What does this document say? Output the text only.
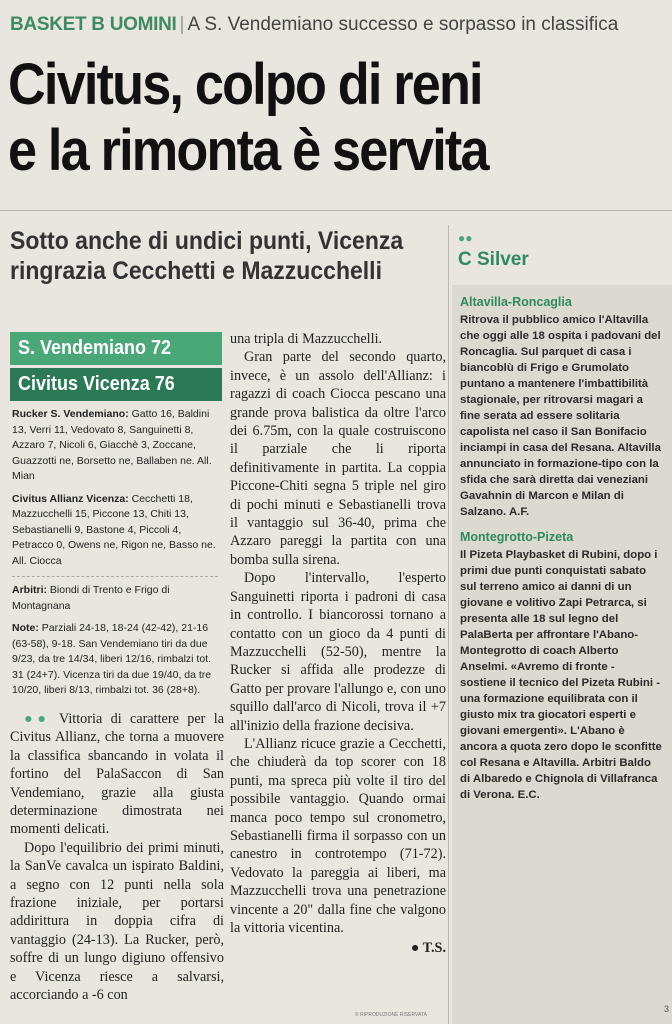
BASKET B UOMINI | A S. Vendemiano successo e sorpasso in classifica
Civitus, colpo di reni
e la rimonta è servita
Sotto anche di undici punti, Vicenza
ringrazia Cecchetti e Mazzucchelli
S. Vendemiano 72
Civitus Vicenza 76

Rucker S. Vendemiano: Gatto 16, Baldini 13, Verri 11, Vedovato 8, Sanguinetti 8, Azzaro 7, Nicoli 6, Giacchè 3, Zoccane, Guazzotti ne, Borsetto ne, Ballaben ne. All. Mian

Civitus Allianz Vicenza: Cecchetti 18, Mazzucchelli 15, Piccone 13, Chiti 13, Sebastianelli 9, Bastone 4, Piccoli 4, Petracco 0, Owens ne, Rigon ne, Basso ne. All. Ciocca

Arbitri: Biondi di Trento e Frigo di Montagnana

Note: Parziali 24-18, 18-24 (42-42), 21-16 (63-58), 9-18. San Vendemiano tiri da due 9/23, da tre 14/34, liberi 12/16, rimbalzi tot. 31 (24+7). Vicenza tiri da due 19/40, da tre 10/20, liberi 8/13, rimbalzi tot. 36 (28+8).

●● Vittoria di carattere per la Civitus Allianz, che torna a muovere la classifica sbancando in volata il fortino del PalaSaccon di San Vendemiano, grazie alla giusta determinazione dimostrata nei momenti delicati.

Dopo l'equilibrio dei primi minuti, la SanVe cavalca un ispirato Baldini, a segno con 12 punti nella sola frazione iniziale, per portarsi addirittura in doppia cifra di vantaggio (24-13). La Rucker, però, soffre di un lungo digiuno offensivo e Vicenza riesce a salvarsi, accorciando a -6 con

una tripla di Mazzucchelli.

Gran parte del secondo quarto, invece, è un assolo dell'Allianz: i ragazzi di coach Ciocca pescano una grande prova balistica da oltre l'arco dei 6.75m, con la quale costruiscono il parziale che li riporta definitivamente in partita. La coppia Piccone-Chiti segna 5 triple nel giro di pochi minuti e Sebastianelli trova il vantaggio sul 36-40, prima che Azzaro pareggi la partita con una bomba sulla sirena.

Dopo l'intervallo, l'esperto Sanguinetti riporta i padroni di casa in controllo. I biancorossi tornano a contatto con un gioco da 4 punti di Mazzucchelli (52-50), mentre la Rucker si affida alle prodezze di Gatto per provare l'allungo e, con uno squillo dall'arco di Nicoli, trova il +7 all'inizio della frazione decisiva.

L'Allianz ricuce grazie a Cecchetti, che chiuderà da top scorer con 18 punti, ma spreca più volte il tiro del possibile vantaggio. Quando ormai manca poco tempo sul cronometro, Sebastianelli firma il sorpasso con un canestro in controtempo (71-72). Vedovato la pareggia ai liberi, ma Mazzucchelli trova una penetrazione vincente a 20" dalla fine che valgono la vittoria vicentina.

● T.S.
●●
C Silver
Altavilla-Roncaglia
Ritrova il pubblico amico l'Altavilla che oggi alle 18 ospita i padovani del Roncaglia. Sul parquet di casa i biancoblù di Frigo e Grumolato puntano a mantenere l'imbattibilità stagionale, per ritrovarsi magari a fine serata ad essere solitaria capolista nel caso il San Bonifacio inciampi in casa del Resana. Altavilla annunciato in formazione-tipo con la sfida che sarà diretta dai veneziani Gavahnin di Marcon e Milan di Salzano. A.F.
Montegrotto-Pizeta
Il Pizeta Playbasket di Rubini, dopo i primi due punti conquistati sabato sul terreno amico ai danni di un giovane e volitivo Zapi Petrarca, si presenta alle 18 sul legno del PalaBerta per affrontare l'Abano-Montegrotto di coach Alberto Anselmi. «Avremo di fronte - sostiene il tecnico del Pizeta Rubini - una formazione equilibrata con il giusto mix tra giocatori esperti e giovani emergenti». L'Abano è ancora a quota zero dopo le sconfitte col Resana e Altavilla. Arbitri Baldo di Albaredo e Chignola di Villafranca di Verona. E.C.
© RIPRODUZIONE RISERVATA
3
